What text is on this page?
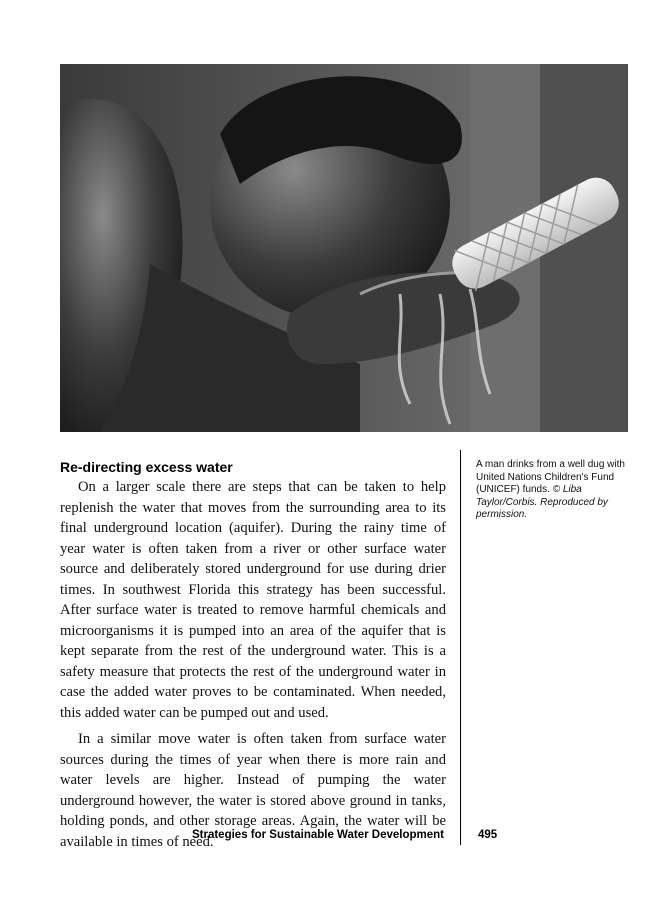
Re-directing excess water

On a larger scale there are steps that can be taken to help replenish the water that moves from the surrounding area to its final underground location (aquifer). During the rainy time of year water is often taken from a river or other surface water source and deliberately stored underground for use during drier times. In southwest Florida this strategy has been successful. After surface water is treated to remove harmful chemicals and microorganisms it is pumped into an area of the aquifer that is kept separate from the rest of the underground water. This is a safety measure that protects the rest of the underground water in case the added water proves to be contaminated. When needed, this added water can be pumped out and used.

In a similar move water is often taken from surface water sources during the times of year when there is more rain and water levels are higher. Instead of pumping the water underground however, the water is stored above ground in tanks, holding ponds, and other storage areas. Again, the water will be available in times of need.

A man drinks from a well dug with United Nations Children's Fund (UNICEF) funds. © Liba Taylor/Corbis. Reproduced by permission.
Strategies for Sustainable Water Development	495
